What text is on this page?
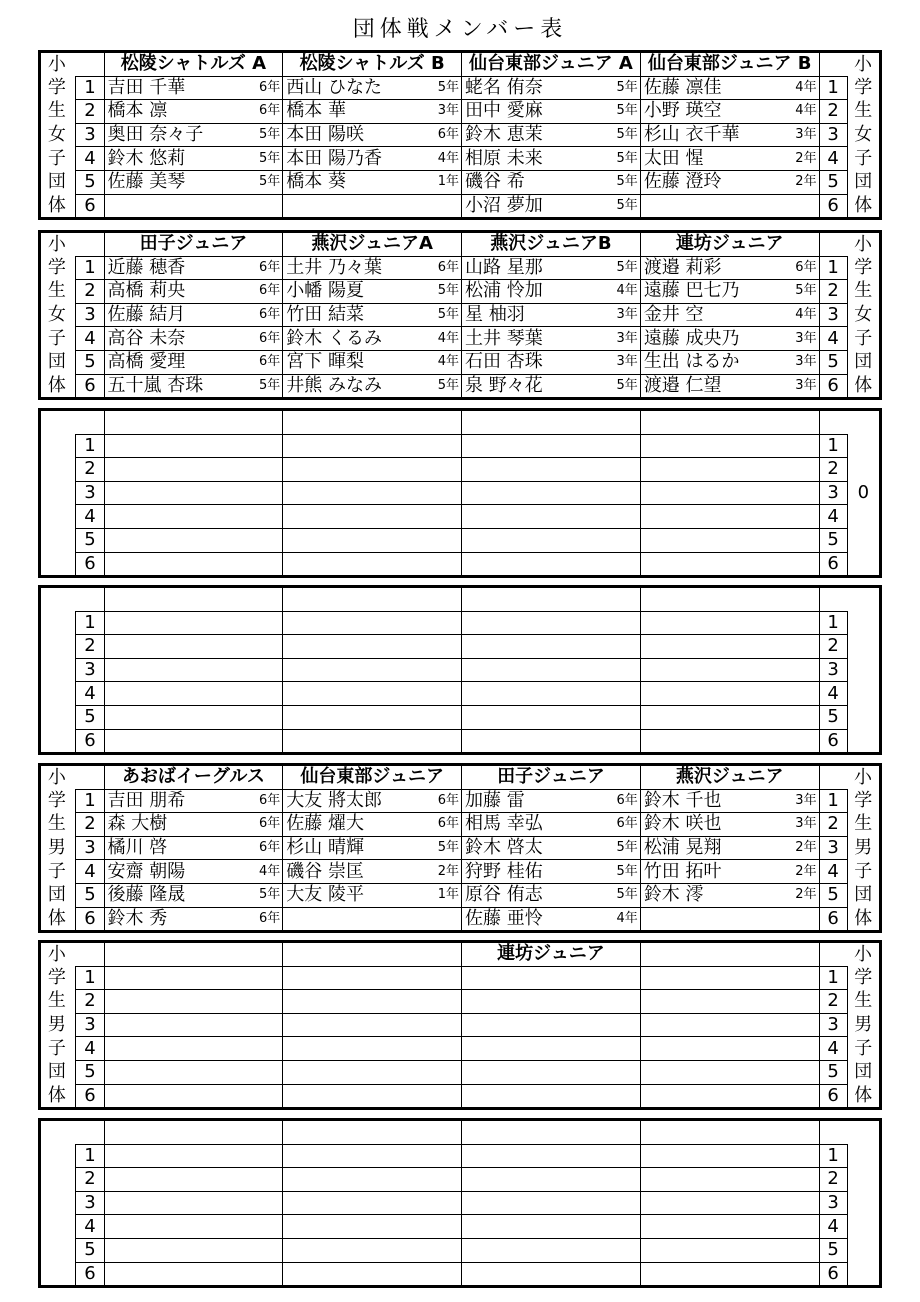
団体戦メンバー表
小			松陵シャトルズ A	松陵シャトルズ B	仙台東部ジュニア A	仙台東部ジュニア B		小
学		1	吉田 千華 6年	西山 ひなた 5年	蛯名 侑奈 5年	佐藤 凛佳 4年	1	学
生		2	橋本 凛 6年	橋本 華 3年	田中 愛麻 5年	小野 瑛空 4年	2	生
女		3	奥田 奈々子 5年	本田 陽咲 6年	鈴木 恵茉 5年	杉山 衣千華 3年	3	女
子		4	鈴木 悠莉 5年	本田 陽乃香 4年	相原 未来 5年	太田 惺 2年	4	子
団		5	佐藤 美琴 5年	橋本 葵 1年	磯谷 希 5年	佐藤 澄玲 2年	5	団
体		6			小沼 夢加 5年		6	体
小			田子ジュニア	燕沢ジュニアA	燕沢ジュニアB	連坊ジュニア		小
学		1	近藤 穂香 6年	土井 乃々葉 6年	山路 星那 5年	渡邉 莉彩 6年	1	学
生		2	高橋 莉央 6年	小幡 陽夏 5年	松浦 怜加 4年	遠藤 巴七乃 5年	2	生
女		3	佐藤 結月 6年	竹田 結菜 5年	星 柚羽 3年	金井 空 4年	3	女
子		4	高谷 未奈 6年	鈴木 くるみ 4年	土井 琴葉 3年	遠藤 成央乃 3年	4	子
団		5	高橋 愛理 6年	宮下 暉梨 4年	石田 杏珠 3年	生出 はるか 3年	5	団
体		6	五十嵐 杏珠 5年	井熊 みなみ 5年	泉 野々花 5年	渡邉 仁望 3年	6	体

		1					1	
		2					2	
		3					3	0
		4					4	
		5					5	
		6					6	

		1					1	
		2					2	
		3					3	
		4					4	
		5					5	
		6					6	
小			あおばイーグルス	仙台東部ジュニア	田子ジュニア	燕沢ジュニア		小
学		1	吉田 朋希 6年	大友 將太郎 6年	加藤 雷 6年	鈴木 千也 3年	1	学
生		2	森 大樹 6年	佐藤 燿大 6年	相馬 幸弘 6年	鈴木 咲也 3年	2	生
男		3	橘川 啓 6年	杉山 晴輝 5年	鈴木 啓太 5年	松浦 晃翔 2年	3	男
子		4	安齋 朝陽 4年	磯谷 崇匡 2年	狩野 桂佑 5年	竹田 拓叶 2年	4	子
団		5	後藤 隆晟 5年	大友 陵平 1年	原谷 侑志 5年	鈴木 澪 2年	5	団
体		6	鈴木 秀 6年		佐藤 亜怜 4年		6	体
小					連坊ジュニア			小
学		1					1	学
生		2					2	生
男		3					3	男
子		4					4	子
団		5					5	団
体		6					6	体

		1					1	
		2					2	
		3					3	
		4					4	
		5					5	
		6					6	
